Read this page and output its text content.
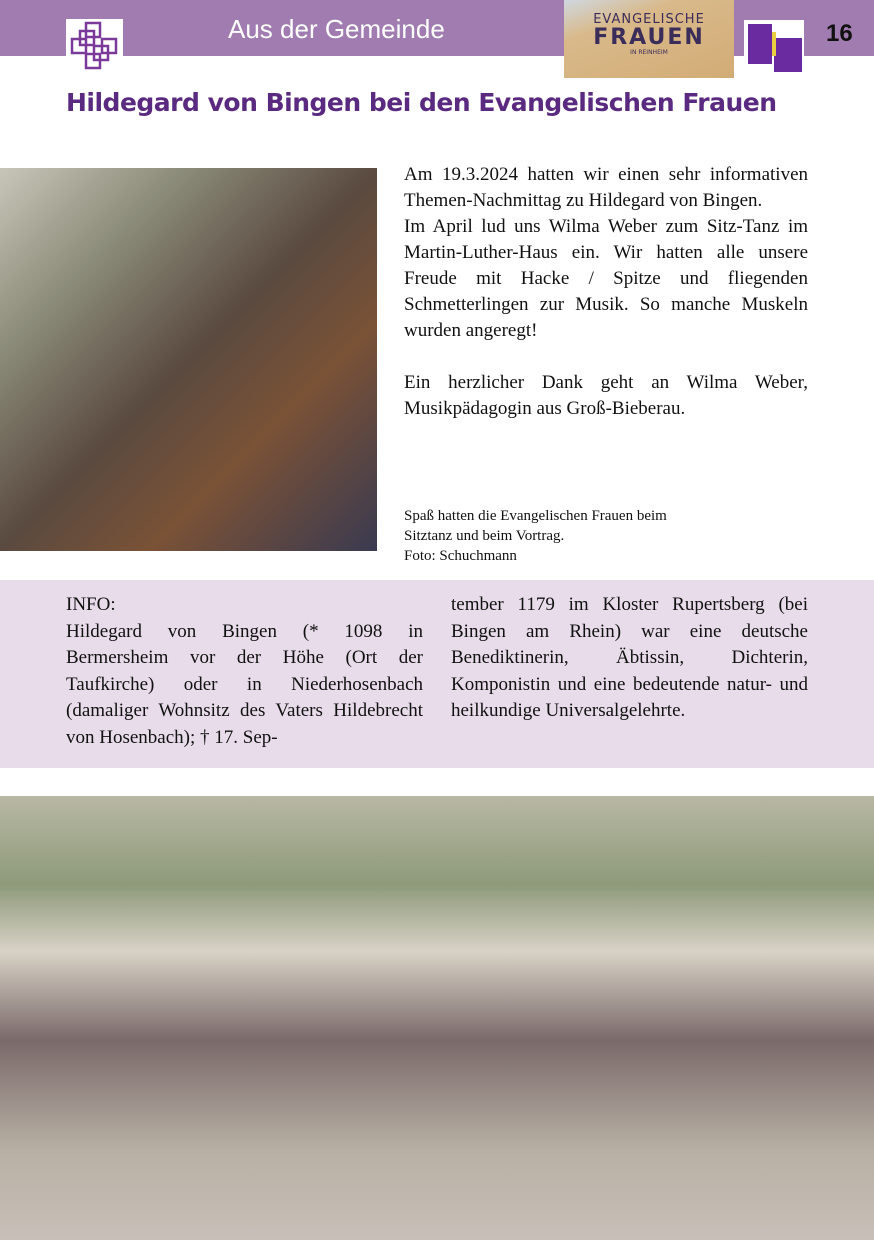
Aus der Gemeinde	EVANGELISCHE
FRAUEN
IN REINHEIM
16
Hildegard von Bingen bei den Evangelischen Frauen

Am 19.3.2024 hatten wir einen sehr informativen Themen-Nachmittag zu Hildegard von Bingen.

Im April lud uns Wilma Weber zum Sitz-Tanz im Martin-Luther-Haus ein. Wir hatten alle unsere Freude mit Hacke / Spitze und fliegenden Schmetterlingen zur Musik. So manche Muskeln wurden angeregt!

Ein herzlicher Dank geht an Wilma Weber, Musikpädagogin aus Groß-Bieberau.

Spaß hatten die Evangelischen Frauen beim
Sitztanz und beim Vortrag.
Foto: Schuchmann
INFO:
Hildegard von Bingen (* 1098 in Bermersheim vor der Höhe (Ort der Taufkirche) oder in Niederhosenbach (damaliger Wohnsitz des Vaters Hildebrecht von Hosenbach); † 17. Sep-
tember 1179 im Kloster Rupertsberg (bei Bingen am Rhein) war eine deutsche Benediktinerin, Äbtissin, Dichterin, Komponistin und eine bedeutende natur- und heilkundige Universalgelehrte.
